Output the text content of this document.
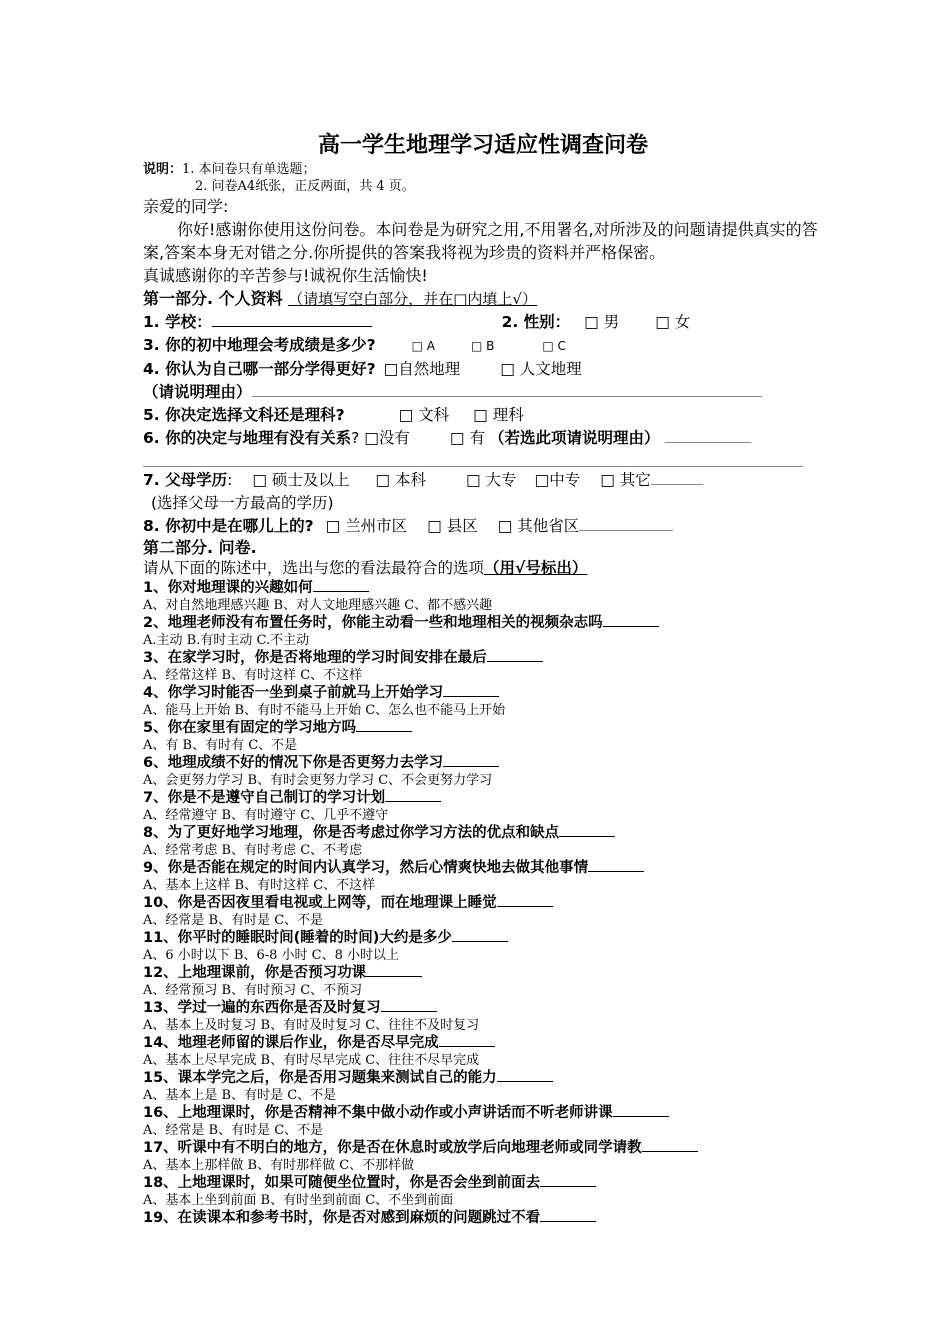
高一学生地理学习适应性调查问卷
说明：1. 本问卷只有单选题；
2. 问卷A4纸张，正反两面，共 4 页。
亲爱的同学:
你好!感谢你使用这份问卷。本问卷是为研究之用,不用署名,对所涉及的问题请提供真实的答案,答案本身无对错之分.你所提供的答案我将视为珍贵的资料并严格保密。
真诚感谢你的辛苦参与!诚祝你生活愉快!
第一部分. 个人资料 （请填写空白部分，并在□内填上√）
1. 学校：	2. 性别： □ 男 □ 女
3. 你的初中地理会考成绩是多少?	□ A	□ B	□ C
4. 你认为自己哪一部分学得更好? □自然地理	□ 人文地理
（请说明理由）
5. 你决定选择文科还是理科?	□ 文科 □ 理科
6. 你的决定与地理有没有关系? □没有	□ 有 （若选此项请说明理由）
7. 父母学历: □ 硕士及以上 □ 本科	□ 大专 □中专 □ 其它
(选择父母一方最高的学历)
8. 你初中是在哪儿上的? □ 兰州市区 □ 县区 □ 其他省区
第二部分. 问卷.
请从下面的陈述中，选出与您的看法最符合的选项（用√号标出）
1、你对地理课的兴趣如何
A、对自然地理感兴趣 B、对人文地理感兴趣 C、都不感兴趣
2、地理老师没有布置任务时，你能主动看一些和地理相关的视频杂志吗
A.主动 B.有时主动 C.不主动
3、在家学习时，你是否将地理的学习时间安排在最后
A、经常这样 B、有时这样 C、不这样
4、你学习时能否一坐到桌子前就马上开始学习
A、能马上开始 B、有时不能马上开始 C、怎么也不能马上开始
5、你在家里有固定的学习地方吗
A、有 B、有时有 C、不是
6、地理成绩不好的情况下你是否更努力去学习
A、会更努力学习 B、有时会更努力学习 C、不会更努力学习
7、你是不是遵守自己制订的学习计划
A、经常遵守 B、有时遵守 C、几乎不遵守
8、为了更好地学习地理，你是否考虑过你学习方法的优点和缺点
A、经常考虑 B、有时考虑 C、不考虑
9、你是否能在规定的时间内认真学习，然后心情爽快地去做其他事情
A、基本上这样 B、有时这样 C、不这样
10、你是否因夜里看电视或上网等，而在地理课上睡觉
A、经常是 B、有时是 C、不是
11、你平时的睡眠时间(睡着的时间)大约是多少
A、6 小时以下 B、6-8 小时 C、8 小时以上
12、上地理课前，你是否预习功课
A、经常预习 B、有时预习 C、不预习
13、学过一遍的东西你是否及时复习
A、基本上及时复习 B、有时及时复习 C、往往不及时复习
14、地理老师留的课后作业，你是否尽早完成
A、基本上尽早完成 B、有时尽早完成 C、往往不尽早完成
15、课本学完之后，你是否用习题集来测试自己的能力
A、基本上是 B、有时是 C、不是
16、上地理课时，你是否精神不集中做小动作或小声讲话而不听老师讲课
A、经常是 B、有时是 C、不是
17、听课中有不明白的地方，你是否在休息时或放学后向地理老师或同学请教
A、基本上那样做 B、有时那样做 C、不那样做
18、上地理课时，如果可随便坐位置时，你是否会坐到前面去
A、基本上坐到前面 B、有时坐到前面 C、不坐到前面
19、在读课本和参考书时，你是否对感到麻烦的问题跳过不看
